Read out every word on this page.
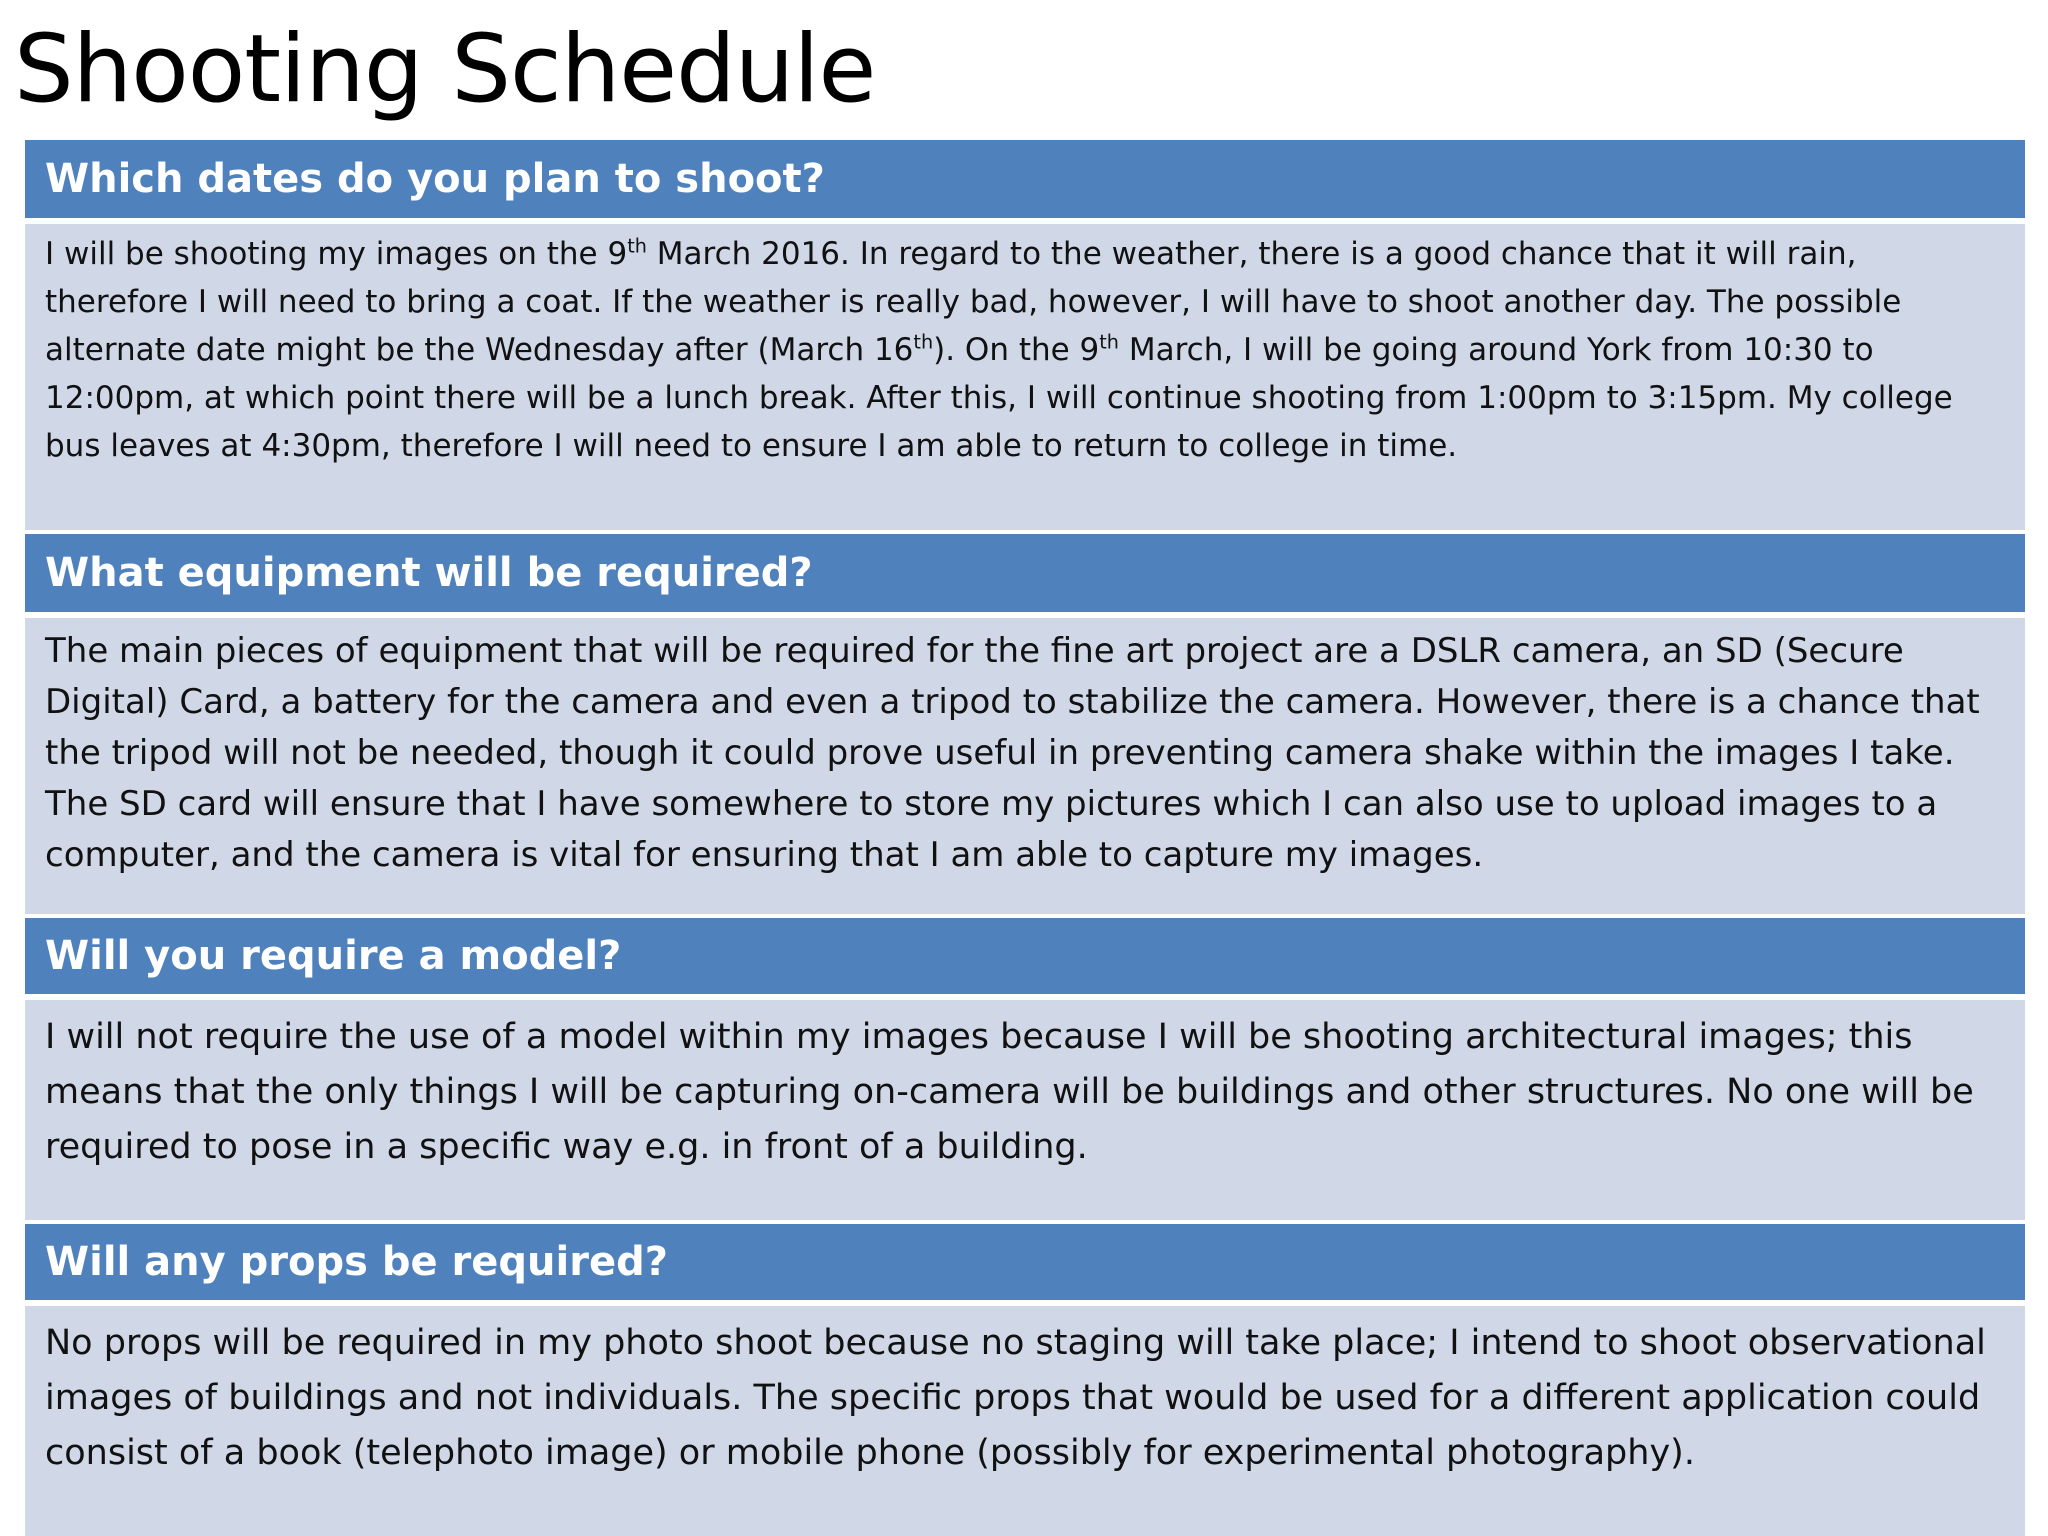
Shooting Schedule
Which dates do you plan to shoot?

I will be shooting my images on the 9th March 2016. In regard to the weather, there is a good chance that it will rain, therefore I will need to bring a coat. If the weather is really bad, however, I will have to shoot another day. The possible alternate date might be the Wednesday after (March 16th). On the 9th March, I will be going around York from 10:30 to 12:00pm, at which point there will be a lunch break. After this, I will continue shooting from 1:00pm to 3:15pm. My college bus leaves at 4:30pm, therefore I will need to ensure I am able to return to college in time.

What equipment will be required?

The main pieces of equipment that will be required for the fine art project are a DSLR camera, an SD (Secure Digital) Card, a battery for the camera and even a tripod to stabilize the camera. However, there is a chance that the tripod will not be needed, though it could prove useful in preventing camera shake within the images I take. The SD card will ensure that I have somewhere to store my pictures which I can also use to upload images to a computer, and the camera is vital for ensuring that I am able to capture my images.

Will you require a model?

I will not require the use of a model within my images because I will be shooting architectural images; this means that the only things I will be capturing on-camera will be buildings and other structures. No one will be required to pose in a specific way e.g. in front of a building.

Will any props be required?

No props will be required in my photo shoot because no staging will take place; I intend to shoot observational images of buildings and not individuals. The specific props that would be used for a different application could consist of a book (telephoto image) or mobile phone (possibly for experimental photography).
